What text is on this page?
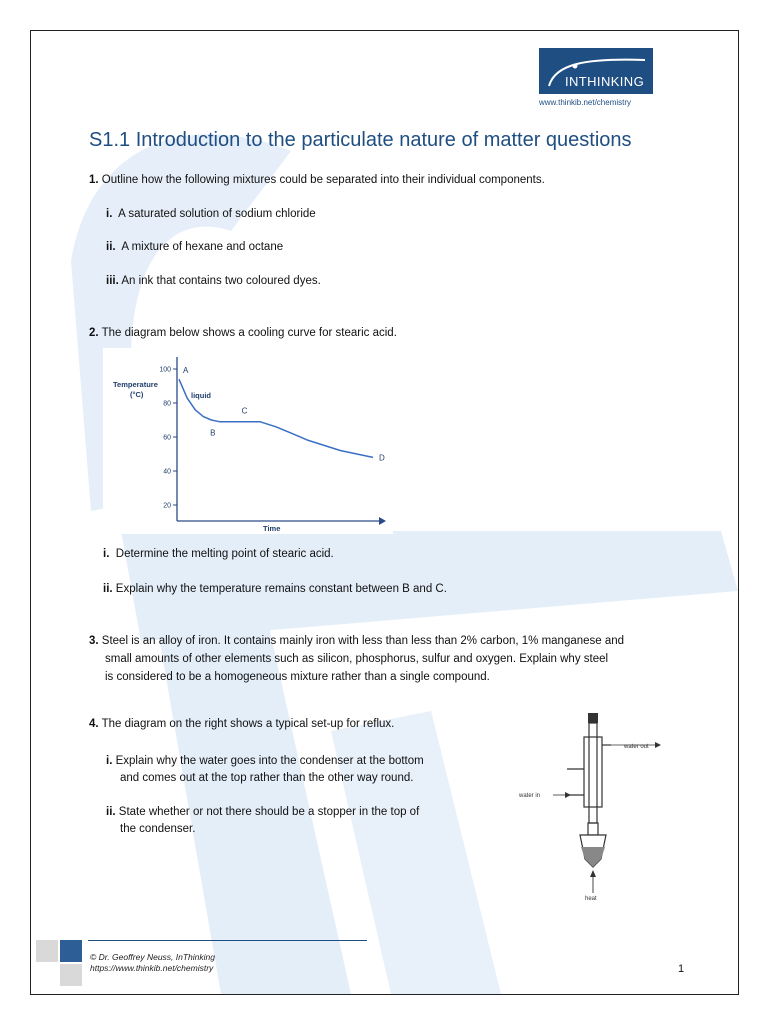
INTHINKING
www.thinkib.net/chemistry
S1.1 Introduction to the particulate nature of matter questions
1. Outline how the following mixtures could be separated into their individual components.
i. A saturated solution of sodium chloride
ii. A mixture of hexane and octane
iii. An ink that contains two coloured dyes.
2. The diagram below shows a cooling curve for stearic acid.
Temperature
(°C)
100
80
60
40
20
Time
A
B
C
D
liquid
i. Determine the melting point of stearic acid.
ii. Explain why the temperature remains constant between B and C.
3. Steel is an alloy of iron. It contains mainly iron with less than less than 2% carbon, 1% manganese and
small amounts of other elements such as silicon, phosphorus, sulfur and oxygen. Explain why steel
is considered to be a homogeneous mixture rather than a single compound.
4. The diagram on the right shows a typical set-up for reflux.
i. Explain why the water goes into the condenser at the bottom
and comes out at the top rather than the other way round.
ii. State whether or not there should be a stopper in the top of
the condenser.
water out
water in
heat
© Dr. Geoffrey Neuss, InThinking
https://www.thinkib.net/chemistry	1
